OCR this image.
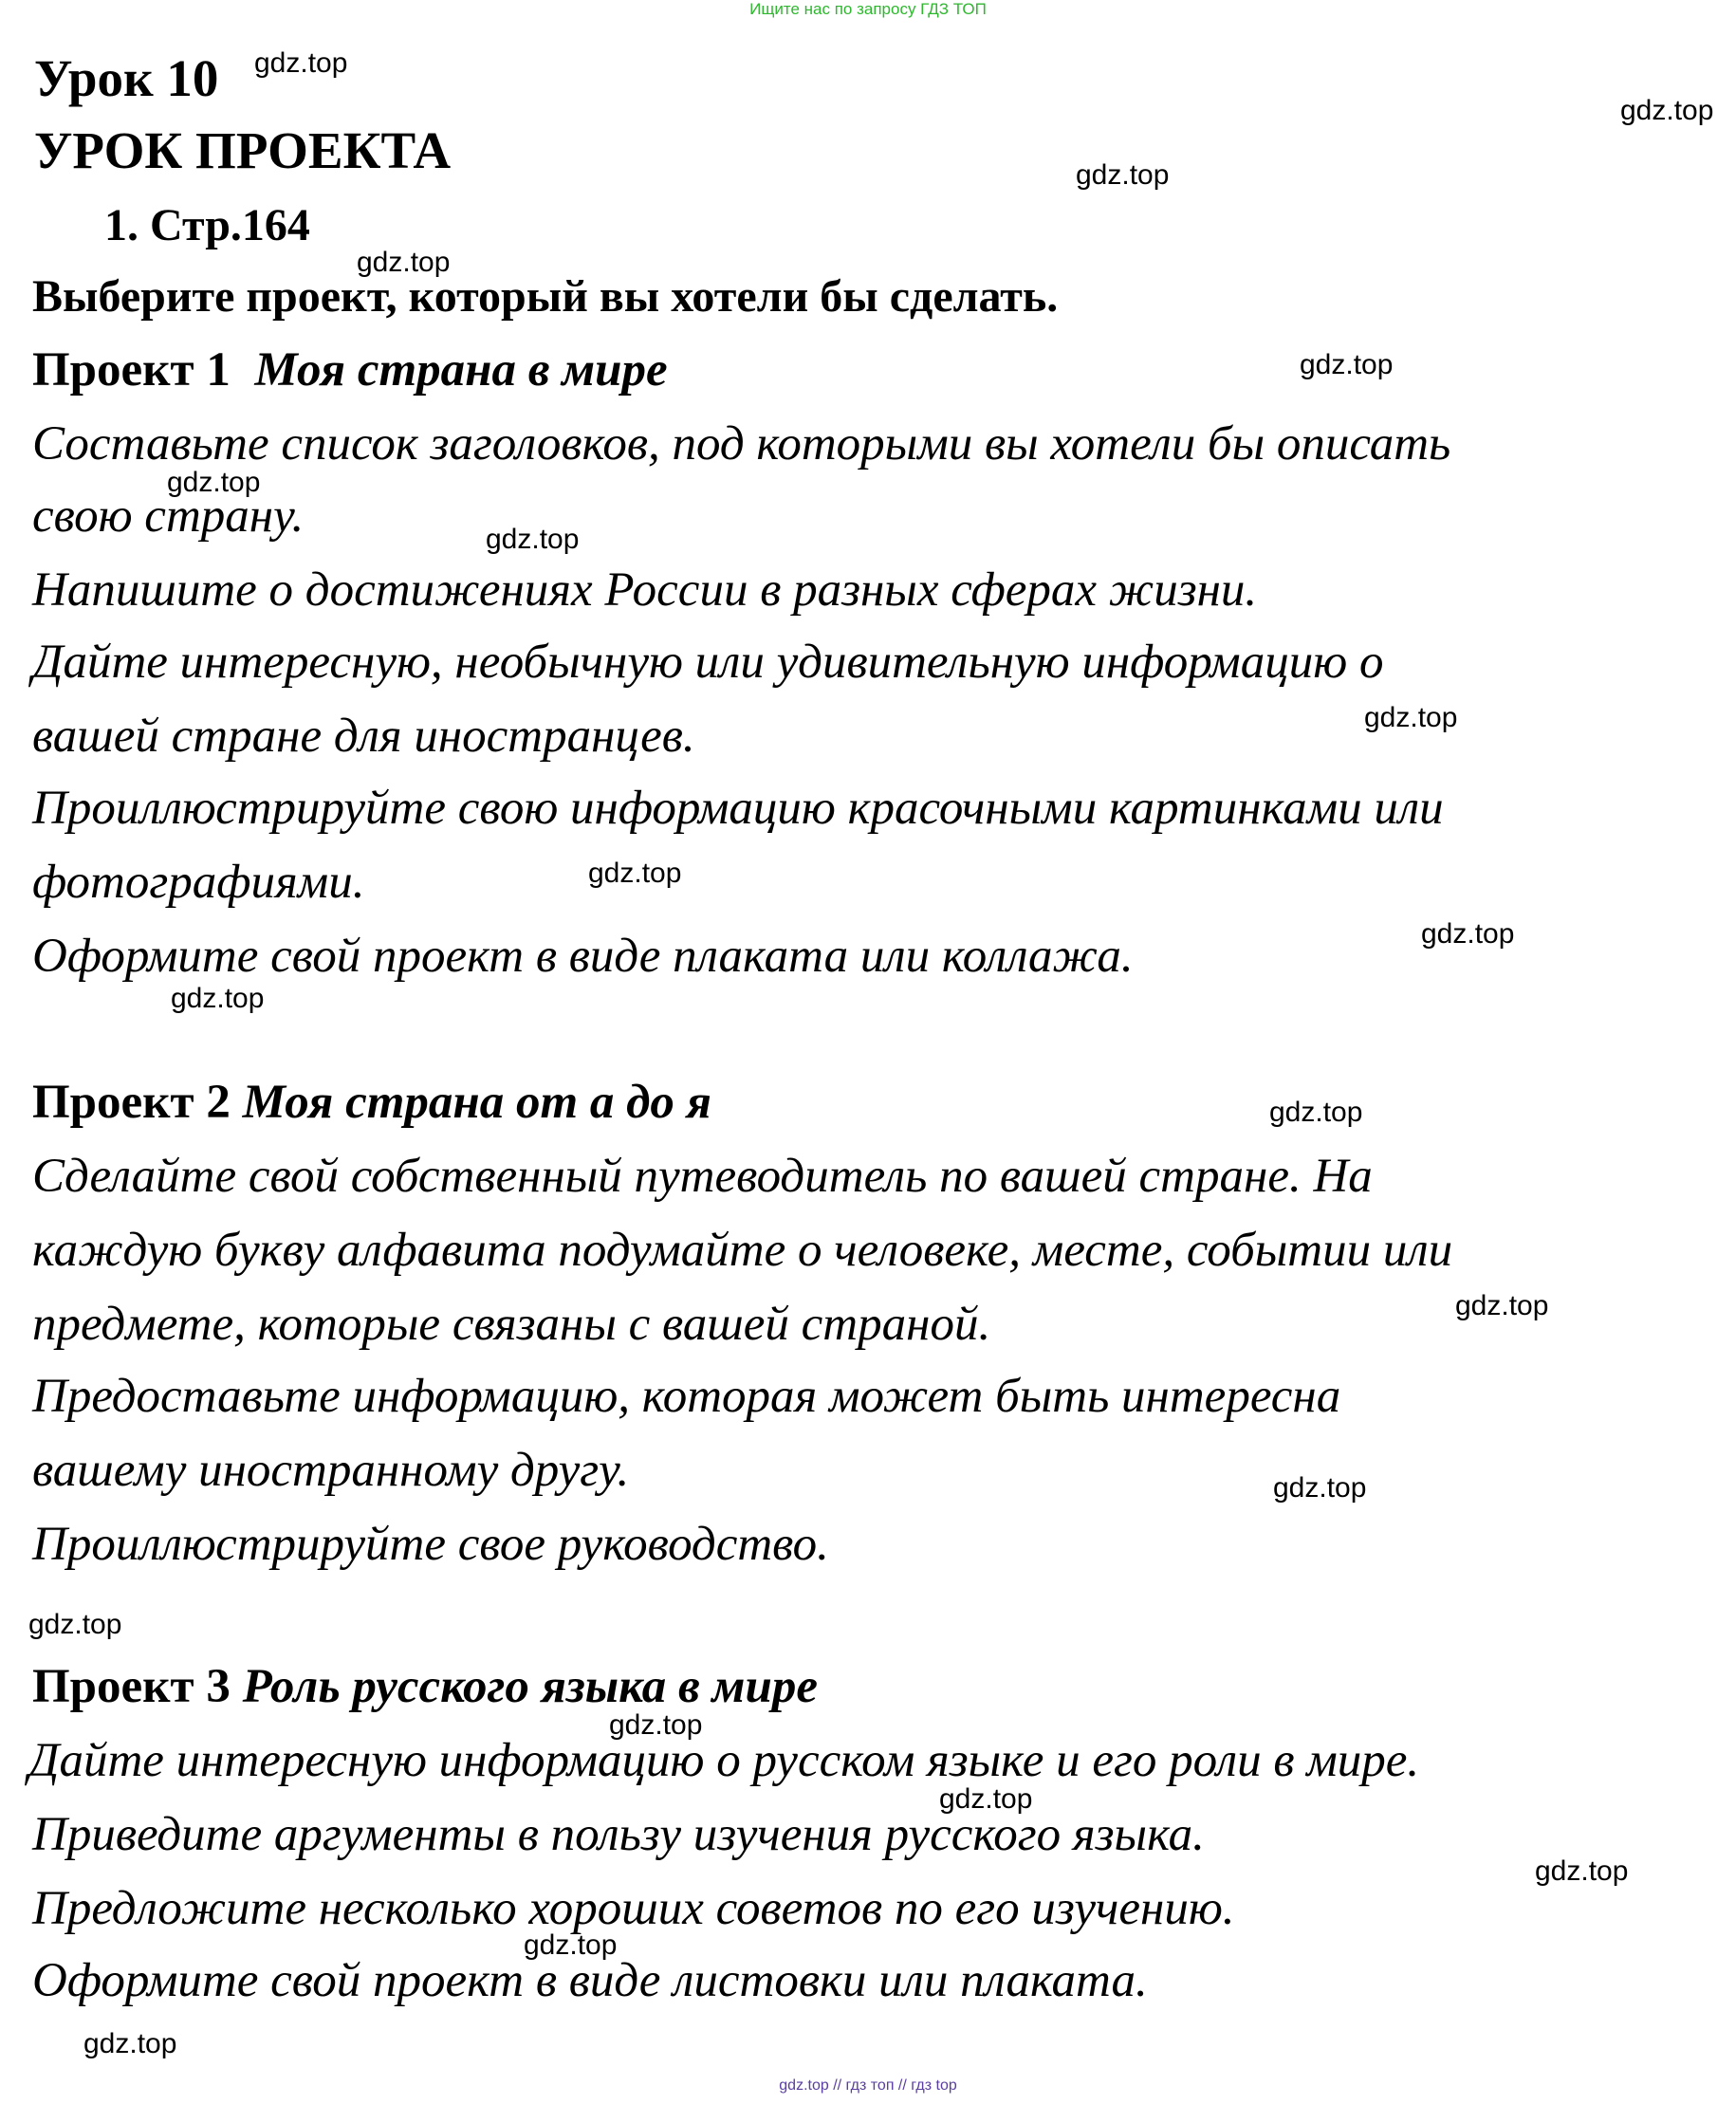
Ищите нас по запросу ГДЗ ТОП
Урок 10
УРОК ПРОЕКТА
1. Стр.164
Выберите проект, который вы хотели бы сделать.
Проект 1 Моя страна в мире
Составьте список заголовков, под которыми вы хотели бы описать
свою страну.
Напишите о достижениях России в разных сферах жизни.
Дайте интересную, необычную или удивительную информацию о
вашей стране для иностранцев.
Проиллюстрируйте свою информацию красочными картинками или
фотографиями.
Оформите свой проект в виде плаката или коллажа.
Проект 2 Моя страна от а до я
Сделайте свой собственный путеводитель по вашей стране. На
каждую букву алфавита подумайте о человеке, месте, событии или
предмете, которые связаны с вашей страной.
Предоставьте информацию, которая может быть интересна
вашему иностранному другу.
Проиллюстрируйте свое руководство.
Проект 3 Роль русского языка в мире
Дайте интересную информацию о русском языке и его роли в мире.
Приведите аргументы в пользу изучения русского языка.
Предложите несколько хороших советов по его изучению.
Оформите свой проект в виде листовки или плаката.
gdz.top
gdz.top
gdz.top
gdz.top
gdz.top
gdz.top
gdz.top
gdz.top
gdz.top
gdz.top
gdz.top
gdz.top
gdz.top
gdz.top
gdz.top
gdz.top
gdz.top
gdz.top
gdz.top
gdz.top
gdz.top // гдз топ // гдз top
